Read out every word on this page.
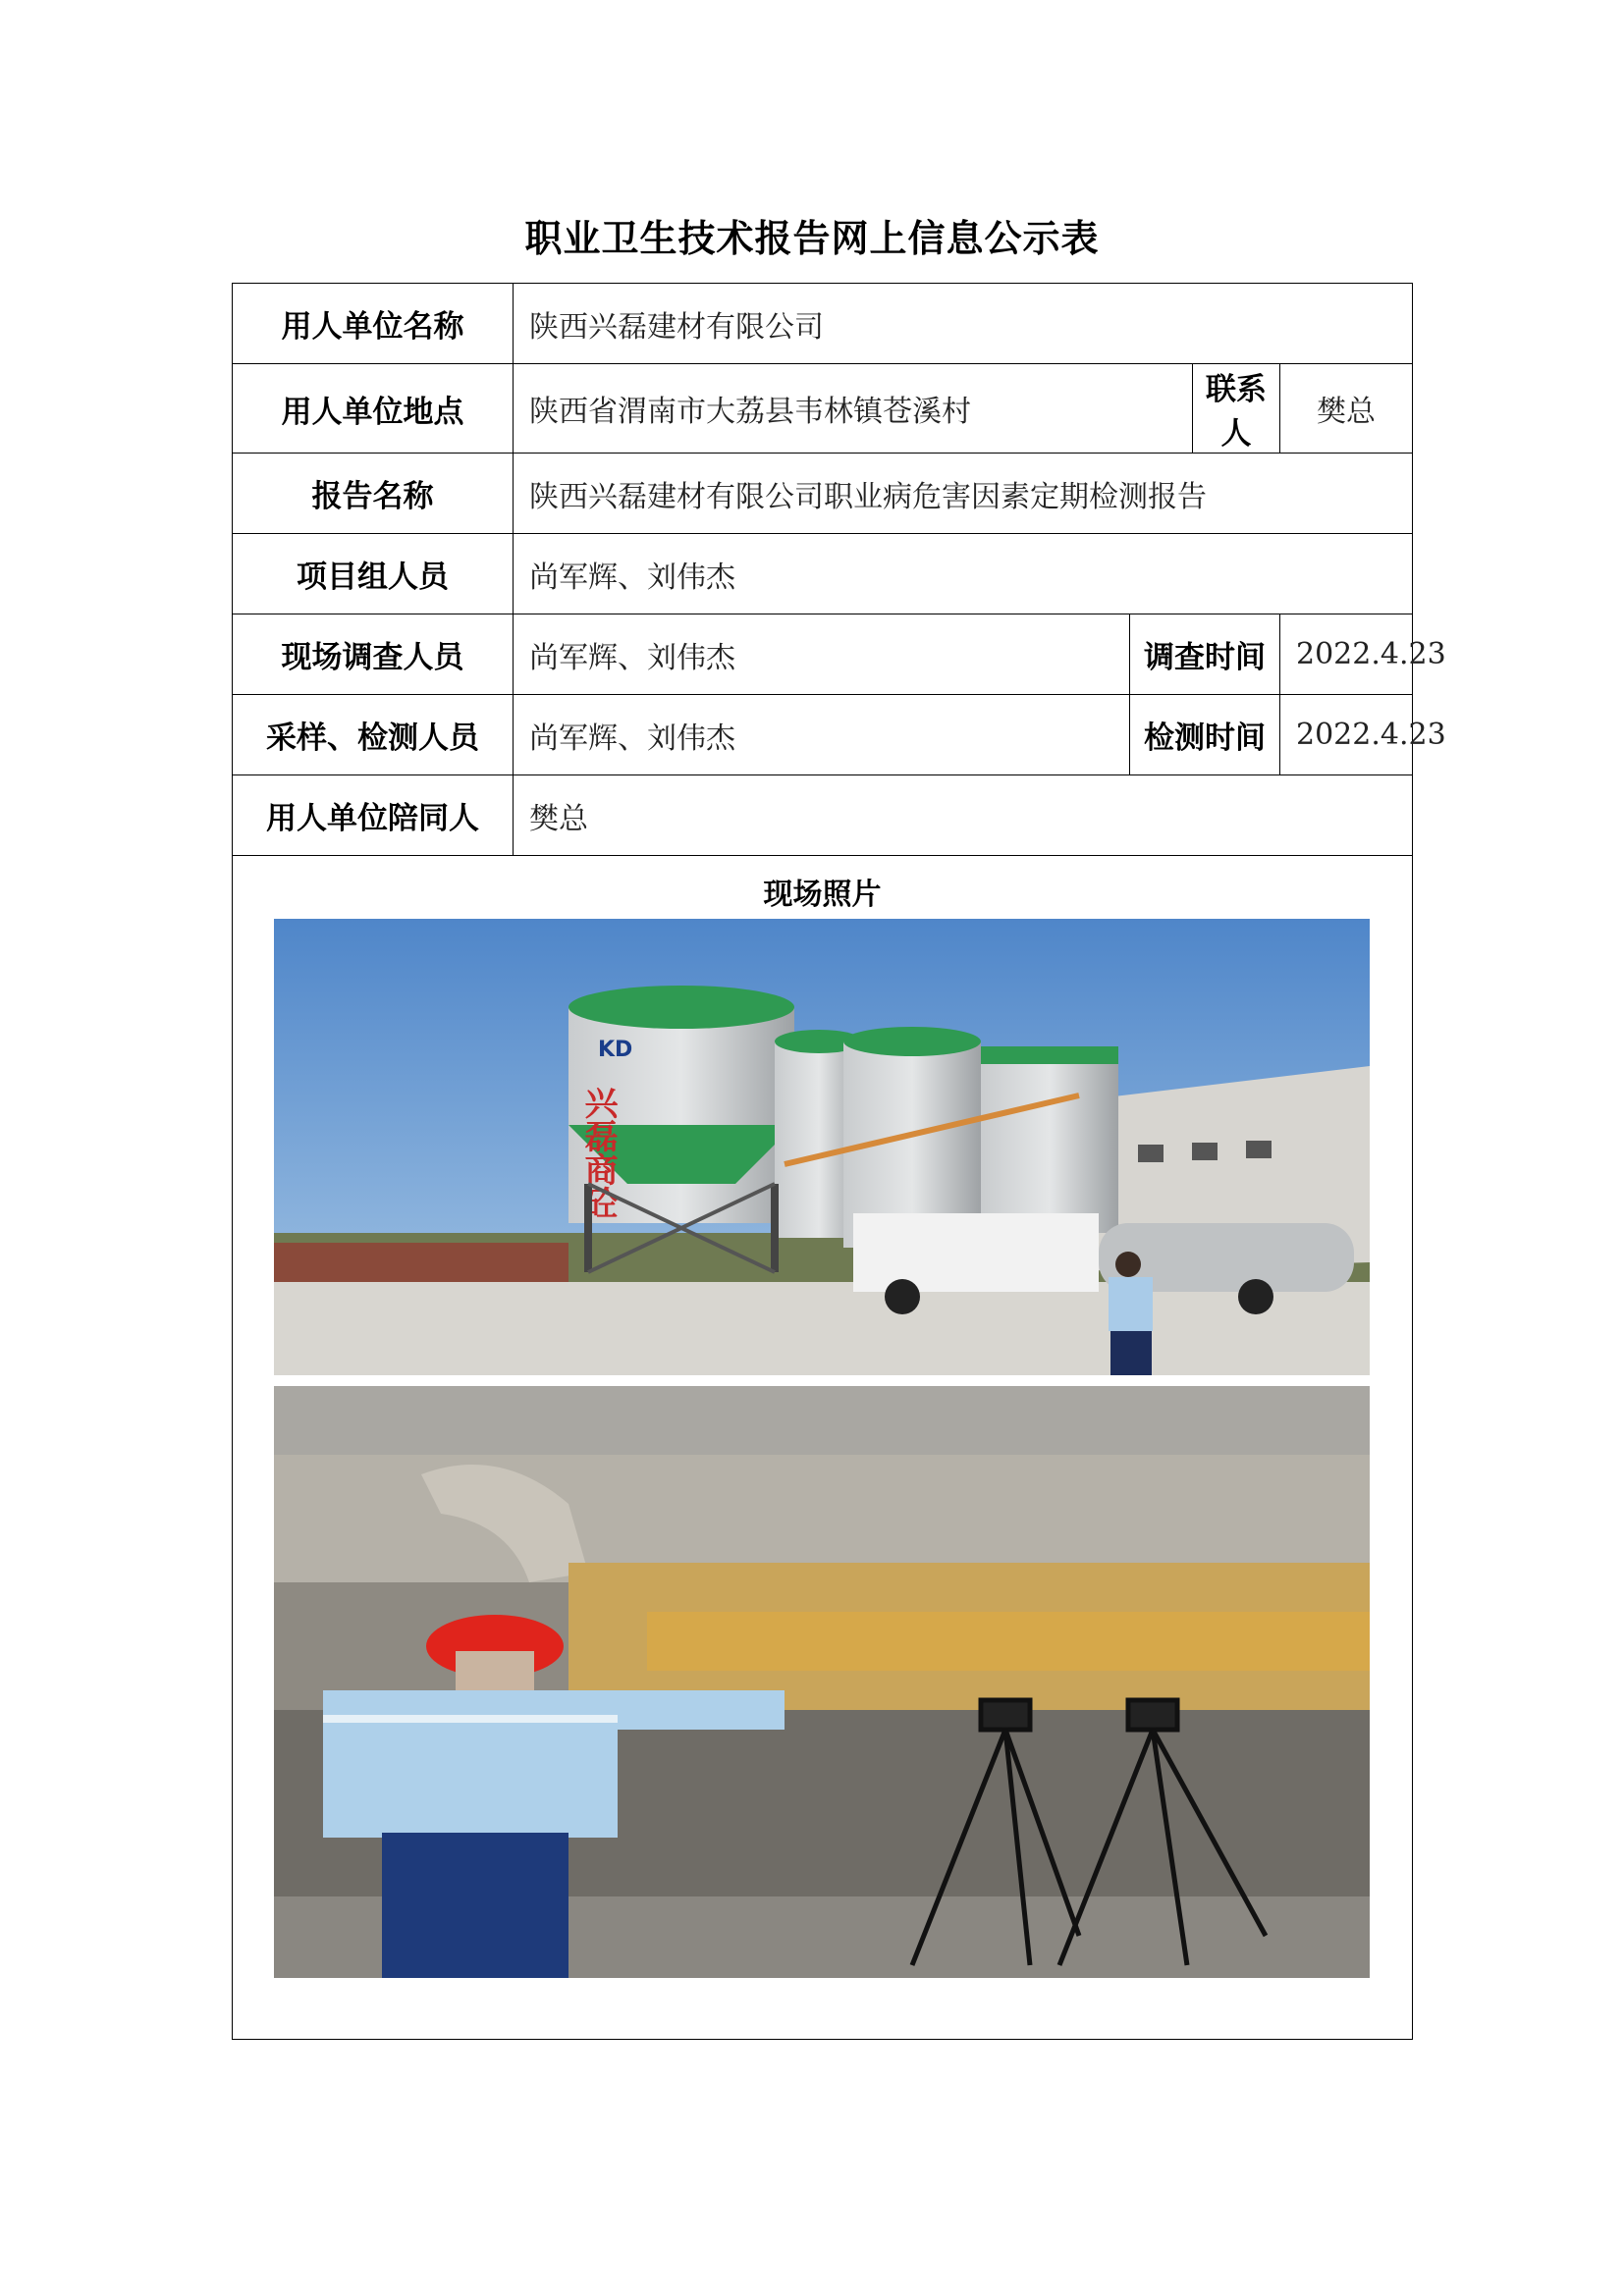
职业卫生技术报告网上信息公示表
用人单位名称	陕西兴磊建材有限公司			
用人单位地点	陕西省渭南市大荔县韦林镇苍溪村		联系人	樊总
报告名称	陕西兴磊建材有限公司职业病危害因素定期检测报告			
项目组人员	尚军辉、刘伟杰			
现场调查人员	尚军辉、刘伟杰	调查时间		2022.4.23
采样、检测人员	尚军辉、刘伟杰	检测时间		2022.4.23
用人单位陪同人	樊总			

现场照片
KD
兴磊商砼				
